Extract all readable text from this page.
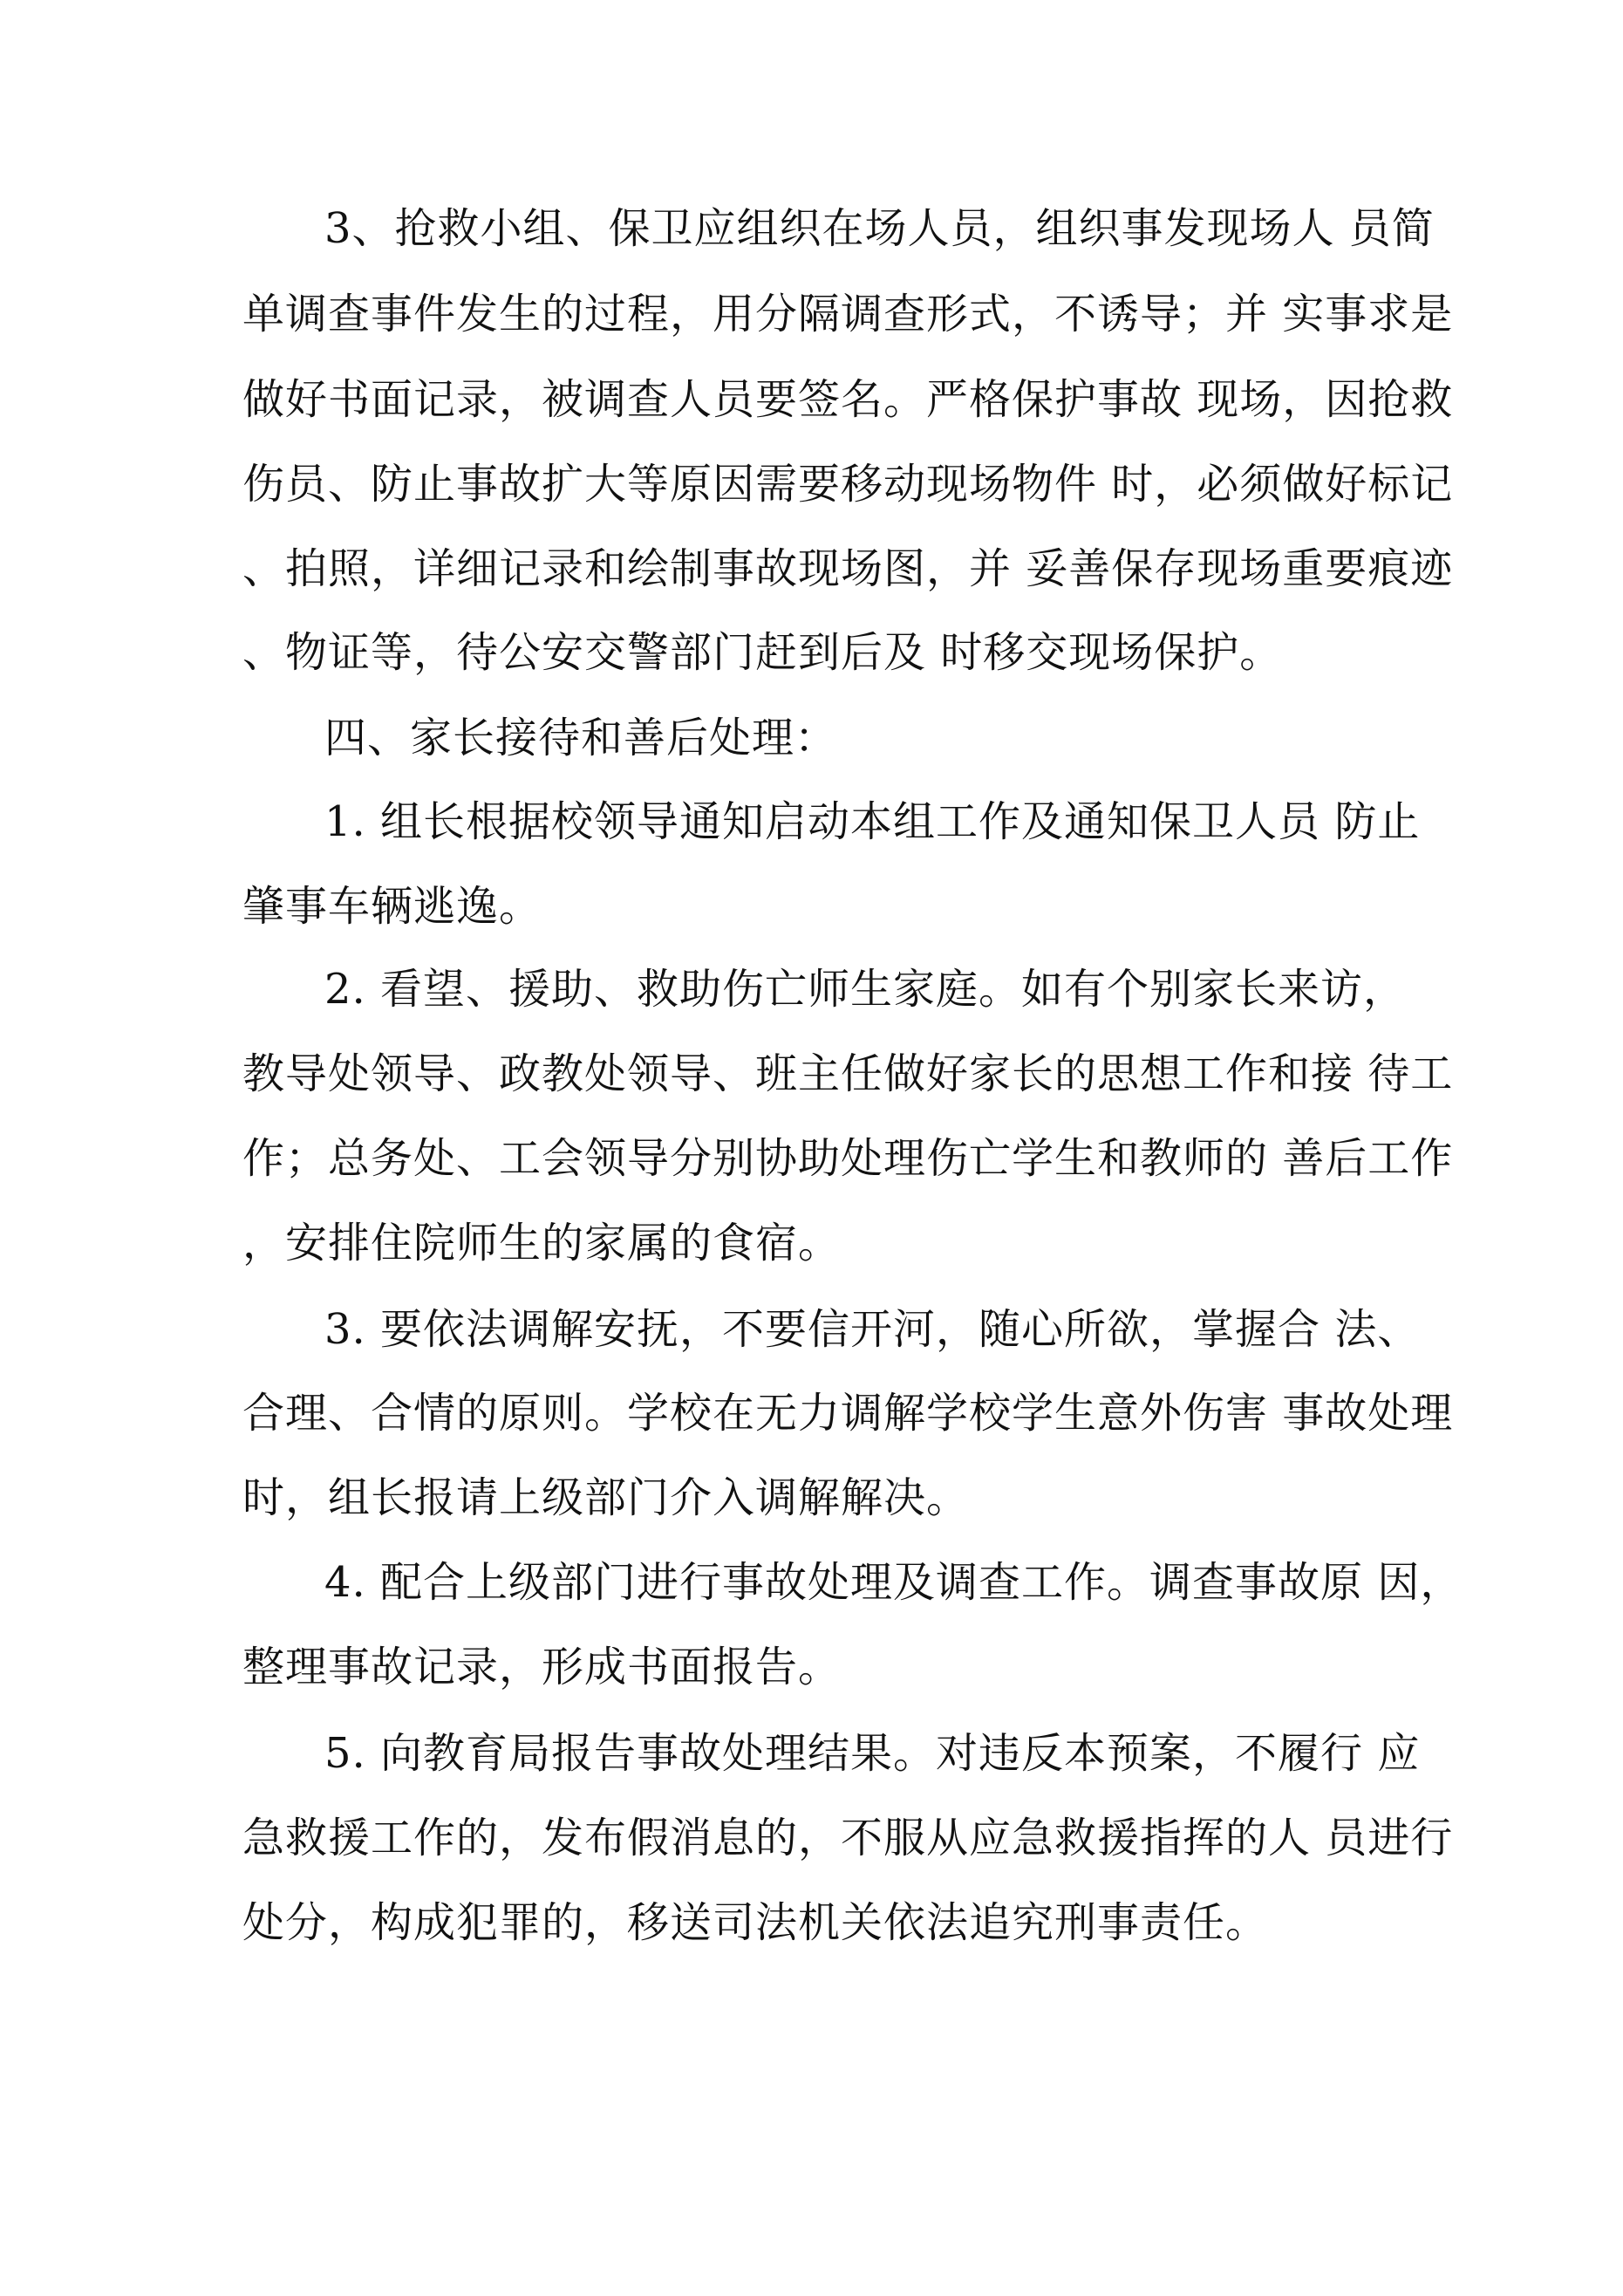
3、抢救小组、保卫应组织在场人员，组织事发现场人 员简
单调查事件发生的过程，用分隔调查形式，不诱导；并 实事求是
做好书面记录，被调查人员要签名。严格保护事故 现场，因抢救
伤员、防止事故扩大等原因需要移动现场物件 时，必须做好标记
、拍照，详细记录和绘制事故现场图，并 妥善保存现场重要痕迹
、物证等，待公安交警部门赶到后及 时移交现场保护。
四、家长接待和善后处理：
1. 组长根据校领导通知启动本组工作及通知保卫人员 防止
肇事车辆逃逸。
2. 看望、援助、救助伤亡师生家庭。如有个别家长来访，
教导处领导、政教处领导、班主任做好家长的思想工作和接 待工
作；总务处、工会领导分别协助处理伤亡学生和教师的 善后工作
，安排住院师生的家属的食宿。
3. 要依法调解安抚，不要信开河，随心所欲，掌握合 法、
合理、合情的原则。学校在无力调解学校学生意外伤害 事故处理
时，组长报请上级部门介入调解解决。
4. 配合上级部门进行事故处理及调查工作。调查事故原 因，
整理事故记录，形成书面报告。
5. 向教育局报告事故处理结果。对违反本预案，不履行 应
急救援工作的，发布假消息的，不服从应急救援指挥的人 员进行
处分，构成犯罪的，移送司法机关依法追究刑事责任。
